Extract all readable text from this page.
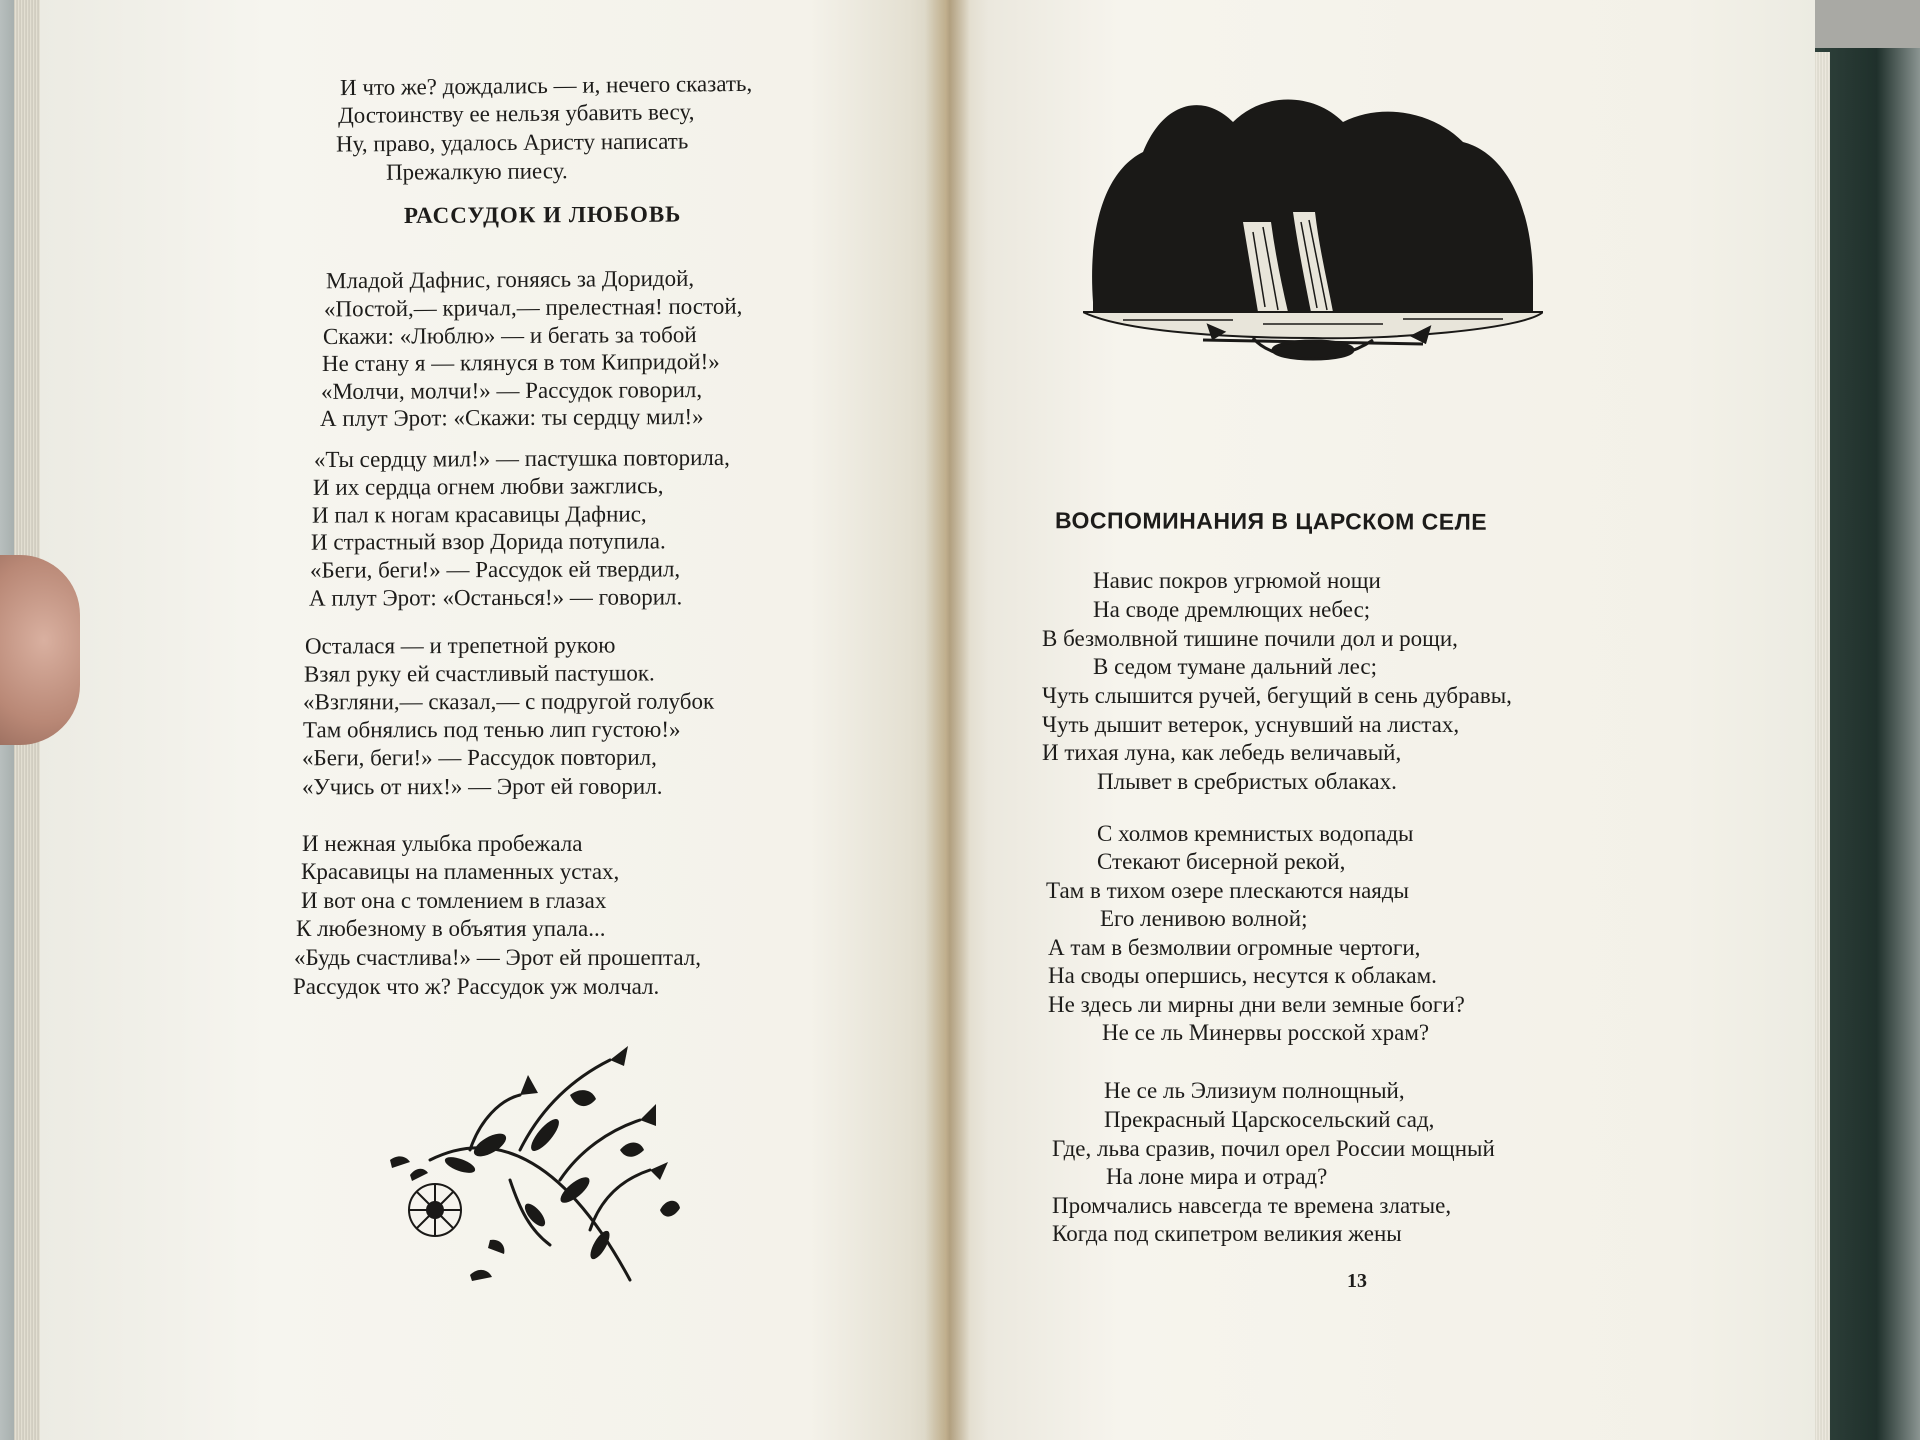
И что же? дождались — и, нечего сказать,
Достоинству ее нельзя убавить весу,
Ну, право, удалось Аристу написать
Прежалкую пиесу.
Младой Дафнис, гоняясь за Доридой,
«Постой,— кричал,— прелестная! постой,
Скажи: «Люблю» — и бегать за тобой
Не стану я — клянуся в том Кипридой!»
«Молчи, молчи!» — Рассудок говорил,
А плут Эрот: «Скажи: ты сердцу мил!»
«Ты сердцу мил!» — пастушка повторила,
И их сердца огнем любви зажглись,
И пал к ногам красавицы Дафнис,
И страстный взор Дорида потупила.
«Беги, беги!» — Рассудок ей твердил,
А плут Эрот: «Останься!» — говорил.
Осталася — и трепетной рукою
Взял руку ей счастливый пастушок.
«Взгляни,— сказал,— с подругой голубок
Там обнялись под тенью лип густою!»
«Беги, беги!» — Рассудок повторил,
«Учись от них!» — Эрот ей говорил.
И нежная улыбка пробежала
Красавицы на пламенных устах,
И вот она с томлением в глазах
К любезному в объятия упала...
«Будь счастлива!» — Эрот ей прошептал,
Рассудок что ж? Рассудок уж молчал.
ВОСПОМИНАНИЯ В ЦАРСКОМ СЕЛЕ
Навис покров угрюмой нощи
На своде дремлющих небес;
В безмолвной тишине почили дол и рощи,
В седом тумане дальний лес;
Чуть слышится ручей, бегущий в сень дубравы,
Чуть дышит ветерок, уснувший на листах,
И тихая луна, как лебедь величавый,
Плывет в сребристых облаках.
С холмов кремнистых водопады
Стекают бисерной рекой,
Там в тихом озере плескаются наяды
Его ленивою волной;
А там в безмолвии огромные чертоги,
На своды опершись, несутся к облакам.
Не здесь ли мирны дни вели земные боги?
Не се ль Минервы росской храм?
Не се ль Элизиум полнощный,
Прекрасный Царскосельский сад,
Где, льва сразив, почил орел России мощный
На лоне мира и отрад?
Промчались навсегда те времена златые,
Когда под скипетром великия жены
13
